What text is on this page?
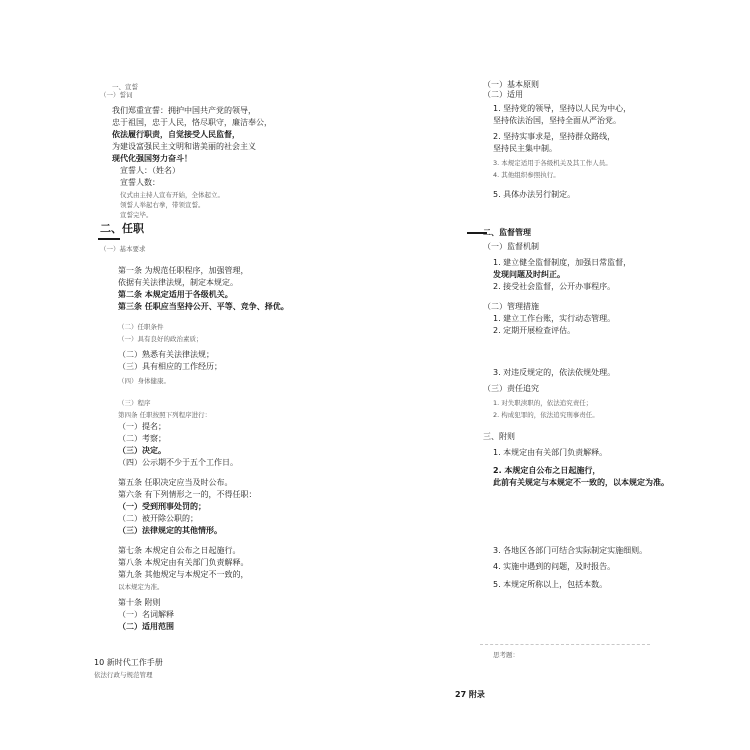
一、宣誓
（一）誓词
我们郑重宣誓：拥护中国共产党的领导，
忠于祖国，忠于人民，恪尽职守，廉洁奉公，
依法履行职责，自觉接受人民监督，
为建设富强民主文明和谐美丽的社会主义
现代化强国努力奋斗！
宣誓人：（姓名）
宣誓人数：
仪式由主持人宣布开始，全体起立。
领誓人举起右拳，带领宣誓。
宣誓完毕。
二、任职
（一）基本要求
第一条 为规范任职程序，加强管理，
依据有关法律法规，制定本规定。
第二条 本规定适用于各级机关。
第三条 任职应当坚持公开、平等、竞争、择优。
（二）任职条件
（一）具有良好的政治素质；
（二）熟悉有关法律法规；
（三）具有相应的工作经历；
（四）身体健康。
（三）程序
第四条 任职按照下列程序进行：
（一）提名；
（二）考察；
（三）决定。
（四）公示期不少于五个工作日。
第五条 任职决定应当及时公布。
第六条 有下列情形之一的，不得任职：
（一）受到刑事处罚的；
（二）被开除公职的；
（三）法律规定的其他情形。
第七条 本规定自公布之日起施行。
第八条 本规定由有关部门负责解释。
第九条 其他规定与本规定不一致的，
以本规定为准。
第十条 附则
（一）名词解释
（二）适用范围
10 新时代工作手册
依法行政与规范管理
（一）基本原则
（二）适用
1. 坚持党的领导，坚持以人民为中心，
坚持依法治国，坚持全面从严治党。
2. 坚持实事求是，坚持群众路线，
坚持民主集中制。
3. 本规定适用于各级机关及其工作人员。
4. 其他组织参照执行。
5. 具体办法另行制定。
二、监督管理
（一）监督机制
1. 建立健全监督制度，加强日常监督，
发现问题及时纠正。
2. 接受社会监督，公开办事程序。
（二）管理措施
1. 建立工作台账，实行动态管理。
2. 定期开展检查评估。
3. 对违反规定的，依法依规处理。
（三）责任追究
1. 对失职渎职的，依法追究责任；
2. 构成犯罪的，依法追究刑事责任。
三、附则
1. 本规定由有关部门负责解释。
2. 本规定自公布之日起施行，
此前有关规定与本规定不一致的，以本规定为准。
3. 各地区各部门可结合实际制定实施细则。
4. 实施中遇到的问题，及时报告。
5. 本规定所称以上，包括本数。
思考题：
27 附录
